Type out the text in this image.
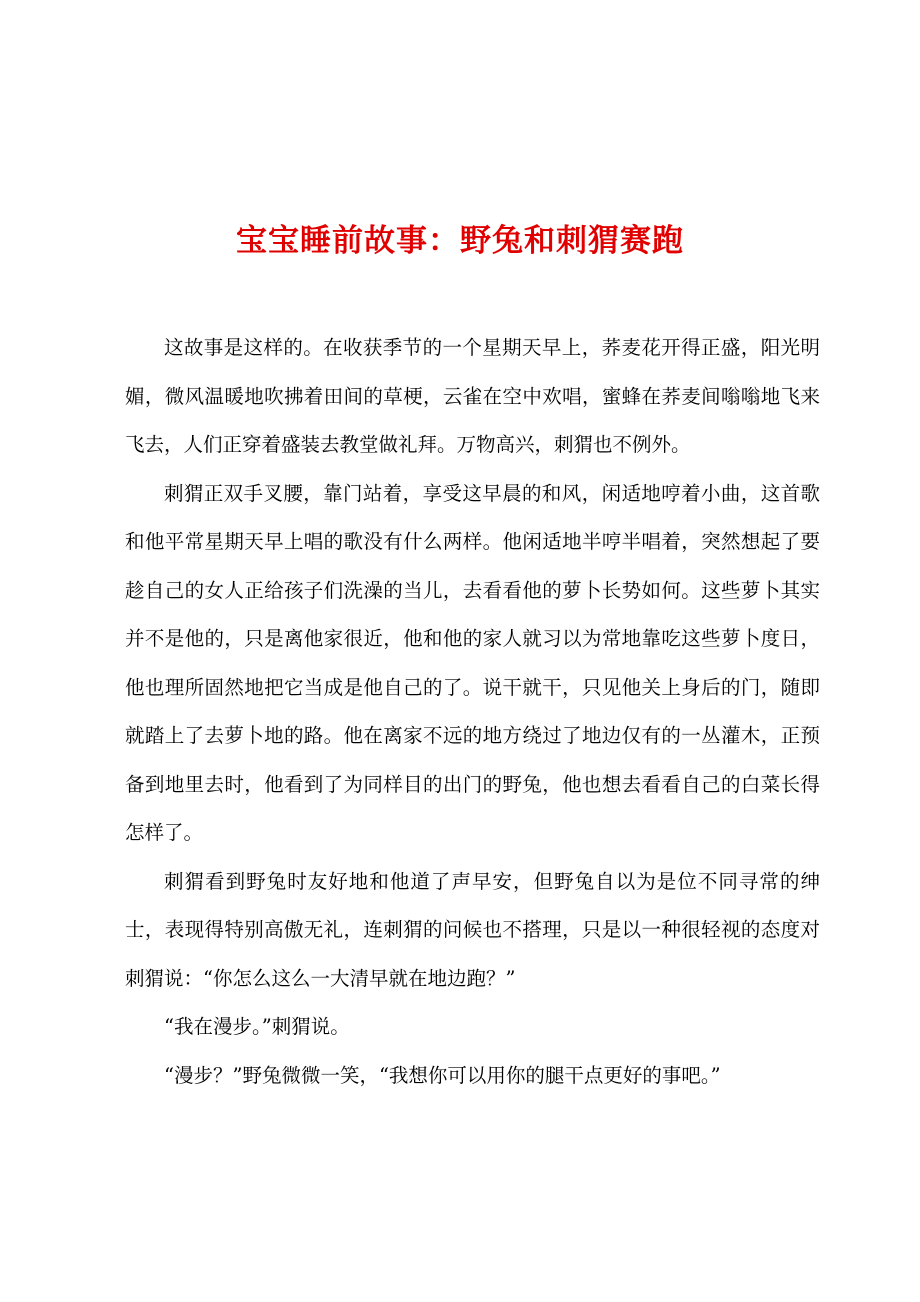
宝宝睡前故事：野兔和刺猬赛跑

这故事是这样的。在收获季节的一个星期天早上，荞麦花开得正盛，阳光明媚，微风温暖地吹拂着田间的草梗，云雀在空中欢唱，蜜蜂在荞麦间嗡嗡地飞来飞去，人们正穿着盛装去教堂做礼拜。万物高兴，刺猬也不例外。

刺猬正双手叉腰，靠门站着，享受这早晨的和风，闲适地哼着小曲，这首歌和他平常星期天早上唱的歌没有什么两样。他闲适地半哼半唱着，突然想起了要趁自己的女人正给孩子们洗澡的当儿，去看看他的萝卜长势如何。这些萝卜其实并不是他的，只是离他家很近，他和他的家人就习以为常地靠吃这些萝卜度日，他也理所固然地把它当成是他自己的了。说干就干，只见他关上身后的门，随即就踏上了去萝卜地的路。他在离家不远的地方绕过了地边仅有的一丛灌木，正预备到地里去时，他看到了为同样目的出门的野兔，他也想去看看自己的白菜长得怎样了。

刺猬看到野兔时友好地和他道了声早安，但野兔自以为是位不同寻常的绅士，表现得特别高傲无礼，连刺猬的问候也不搭理，只是以一种很轻视的态度对刺猬说：“你怎么这么一大清早就在地边跑？”

“我在漫步。”刺猬说。

“漫步？”野兔微微一笑，“我想你可以用你的腿干点更好的事吧。”
